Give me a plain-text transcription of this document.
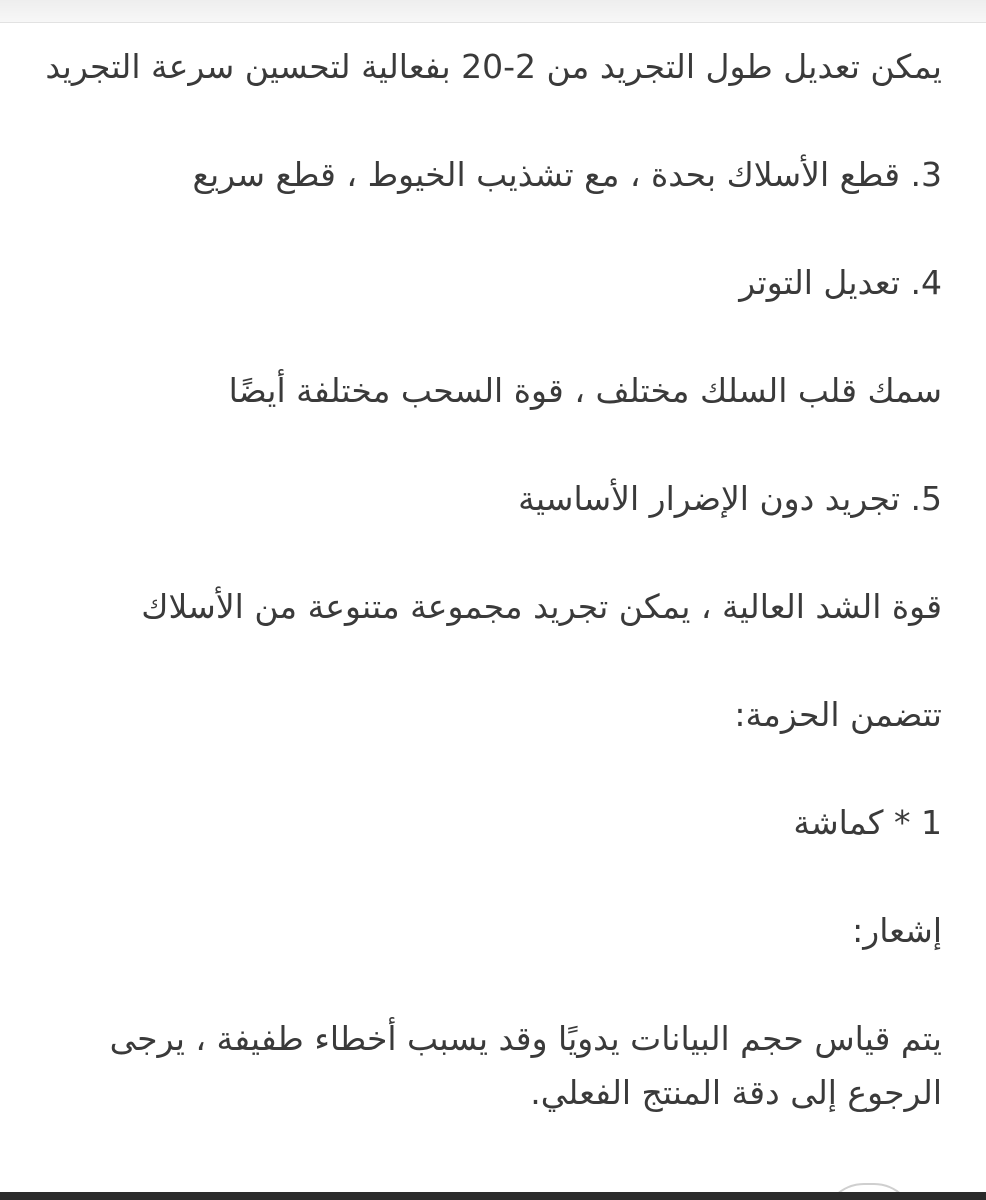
يمكن تعديل طول التجريد من 2-20 بفعالية لتحسين سرعة التجريد

3. قطع الأسلاك بحدة ، مع تشذيب الخيوط ، قطع سريع

4. تعديل التوتر

سمك قلب السلك مختلف ، قوة السحب مختلفة أيضًا

5. تجريد دون الإضرار الأساسية

قوة الشد العالية ، يمكن تجريد مجموعة متنوعة من الأسلاك

تتضمن الحزمة:

1 * كماشة

إشعار:

يتم قياس حجم البيانات يدويًا وقد يسبب أخطاء طفيفة ، يرجى الرجوع إلى دقة المنتج الفعلي.
